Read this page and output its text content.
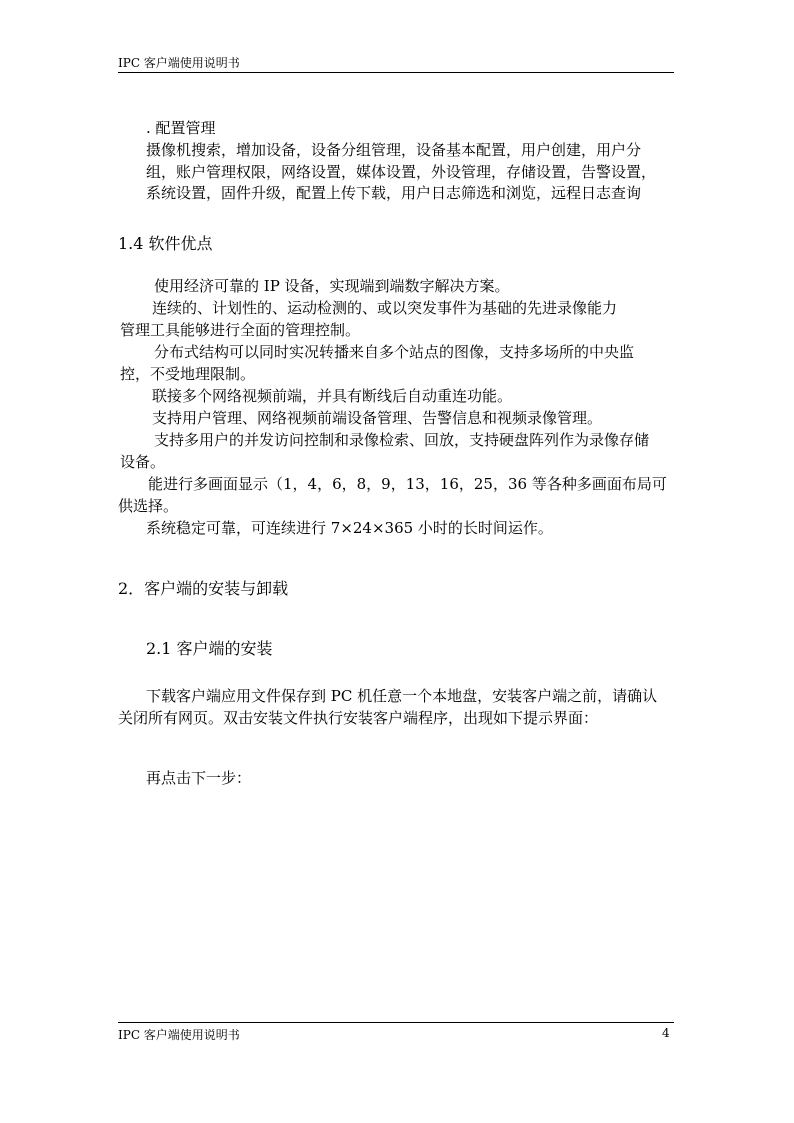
IPC 客户端使用说明书
. 配置管理
摄像机搜索，增加设备，设备分组管理，设备基本配置，用户创建，用户分
组，账户管理权限，网络设置，媒体设置，外设管理，存储设置，告警设置，
系统设置，固件升级，配置上传下载，用户日志筛选和浏览，远程日志查询
1.4 软件优点
使用经济可靠的 IP 设备，实现端到端数字解决方案。
连续的、计划性的、运动检测的、或以突发事件为基础的先进录像能力
管理工具能够进行全面的管理控制。
分布式结构可以同时实况转播来自多个站点的图像，支持多场所的中央监
控，不受地理限制。
联接多个网络视频前端，并具有断线后自动重连功能。
支持用户管理、网络视频前端设备管理、告警信息和视频录像管理。
支持多用户的并发访问控制和录像检索、回放，支持硬盘阵列作为录像存储
设备。
能进行多画面显示（1，4，6，8，9，13，16，25，36 等各种多画面布局可
供选择。
系统稳定可靠，可连续进行 7×24×365 小时的长时间运作。
2．客户端的安装与卸载
2.1 客户端的安装
下载客户端应用文件保存到 PC 机任意一个本地盘，安装客户端之前，请确认
关闭所有网页。双击安装文件执行安装客户端程序，出现如下提示界面：
再点击下一步：
IPC 客户端使用说明书	4
